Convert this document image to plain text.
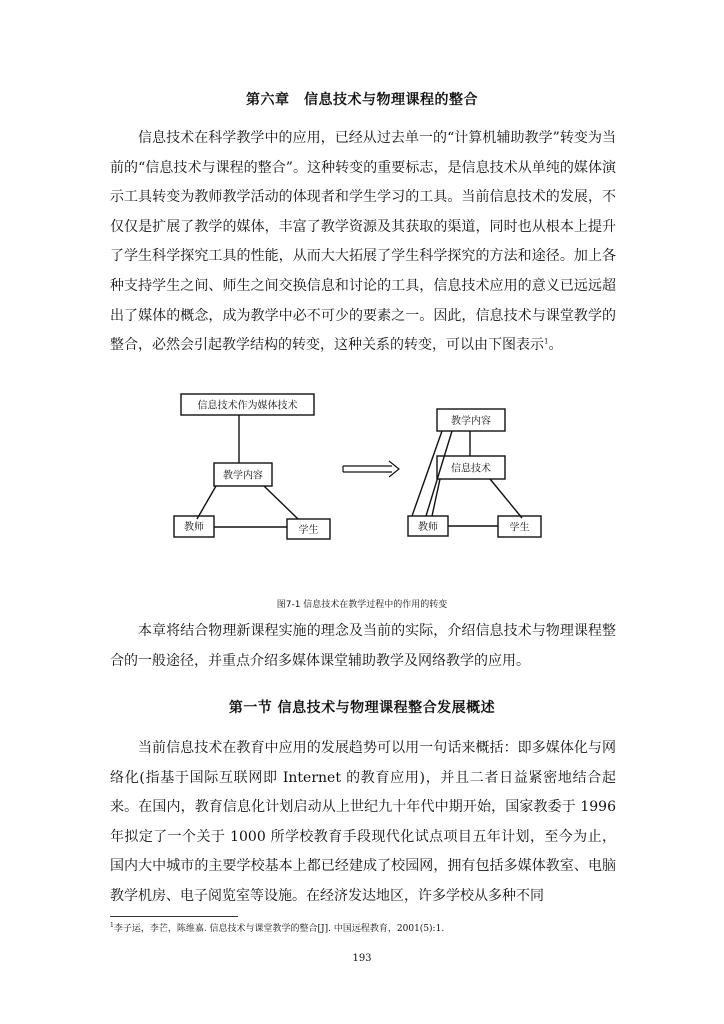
第六章　信息技术与物理课程的整合

信息技术在科学教学中的应用，已经从过去单一的“计算机辅助教学”转变为当前的“信息技术与课程的整合”。这种转变的重要标志，是信息技术从单纯的媒体演示工具转变为教师教学活动的体现者和学生学习的工具。当前信息技术的发展，不仅仅是扩展了教学的媒体，丰富了教学资源及其获取的渠道，同时也从根本上提升了学生科学探究工具的性能，从而大大拓展了学生科学探究的方法和途径。加上各种支持学生之间、师生之间交换信息和讨论的工具，信息技术应用的意义已远远超出了媒体的概念，成为教学中必不可少的要素之一。因此，信息技术与课堂教学的整合，必然会引起教学结构的转变，这种关系的转变，可以由下图表示$^1$。

信息技术作为媒体技术
教学内容
教师	学生
教学内容
信息技术
教师	学生
图7-1 信息技术在教学过程中的作用的转变

本章将结合物理新课程实施的理念及当前的实际，介绍信息技术与物理课程整合的一般途径，并重点介绍多媒体课堂辅助教学及网络教学的应用。

第一节 信息技术与物理课程整合发展概述

当前信息技术在教育中应用的发展趋势可以用一句话来概括：即多媒体化与网络化(指基于国际互联网即 Internet 的教育应用)，并且二者日益紧密地结合起来。在国内，教育信息化计划启动从上世纪九十年代中期开始，国家教委于 1996 年拟定了一个关于 1000 所学校教育手段现代化试点项目五年计划，至今为止，国内大中城市的主要学校基本上都已经建成了校园网，拥有包括多媒体教室、电脑教学机房、电子阅览室等设施。在经济发达地区，许多学校从多种不同

$^1$李子运，李芒，陈维嘉. 信息技术与课堂教学的整合[J]. 中国远程教育，2001(5):1.
193
